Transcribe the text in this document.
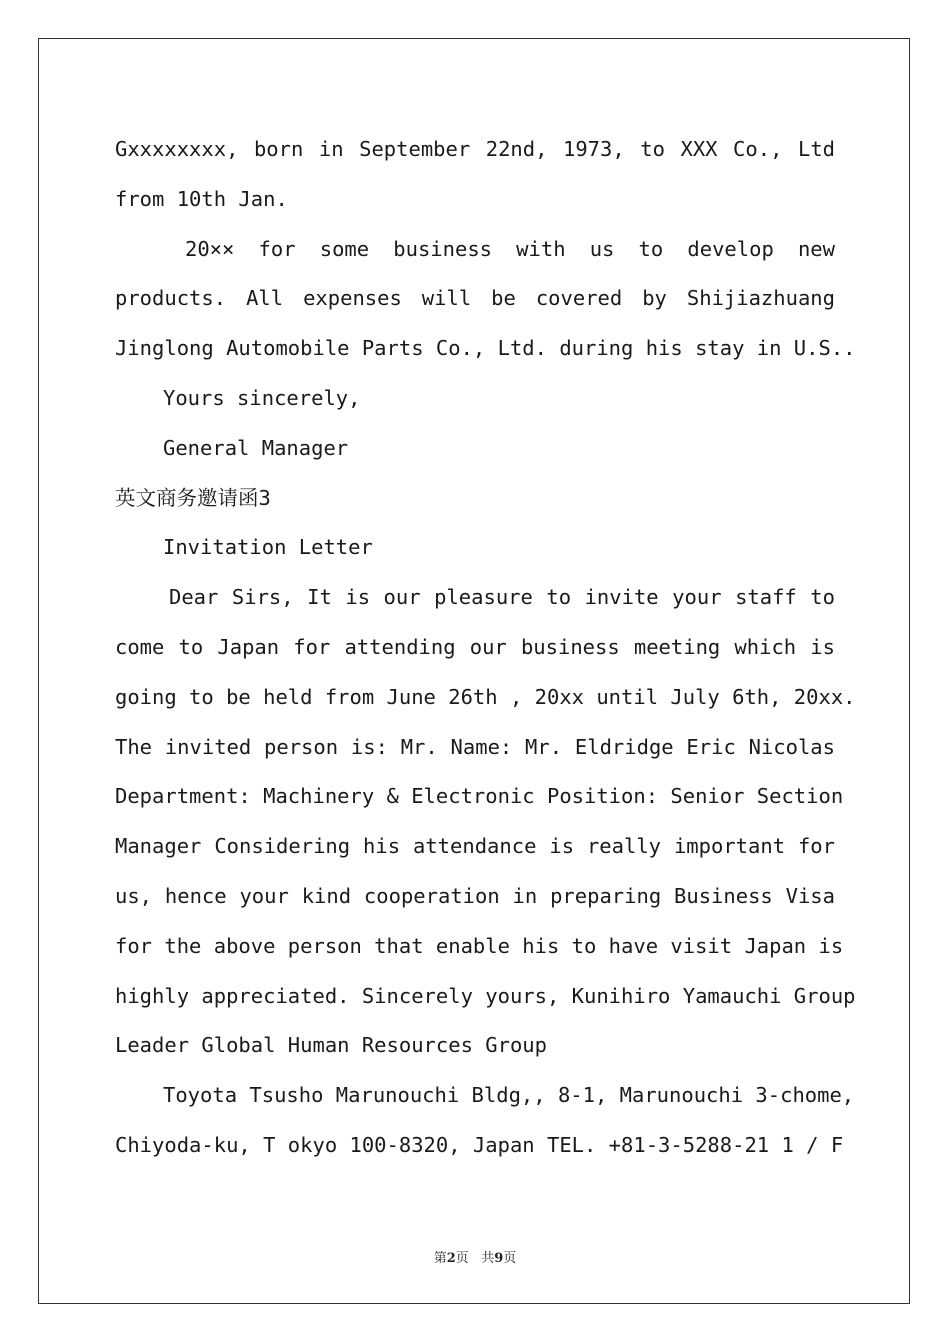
Gxxxxxxxx, born in September 22nd, 1973, to XXX Co., Ltd
from 10th Jan.
20×× for some business with us to develop new
products. All expenses will be covered by Shijiazhuang
Jinglong Automobile Parts Co., Ltd. during his stay in U.S..
Yours sincerely,
General Manager
英文商务邀请函3
Invitation Letter
Dear Sirs, It is our pleasure to invite your staff to
come to Japan for attending our business meeting which is
going to be held from June 26th , 20xx until July 6th, 20xx.
The invited person is: Mr. Name: Mr. Eldridge Eric Nicolas
Department: Machinery & Electronic Position: Senior Section
Manager Considering his attendance is really important for
us, hence your kind cooperation in preparing Business Visa
for the above person that enable his to have visit Japan is
highly appreciated. Sincerely yours, Kunihiro Yamauchi Group
Leader Global Human Resources Group
Toyota Tsusho Marunouchi Bldg,, 8-1, Marunouchi 3-chome,
Chiyoda-ku, T okyo 100-8320, Japan TEL. +81-3-5288-21 1 / F
第2页 共9页
